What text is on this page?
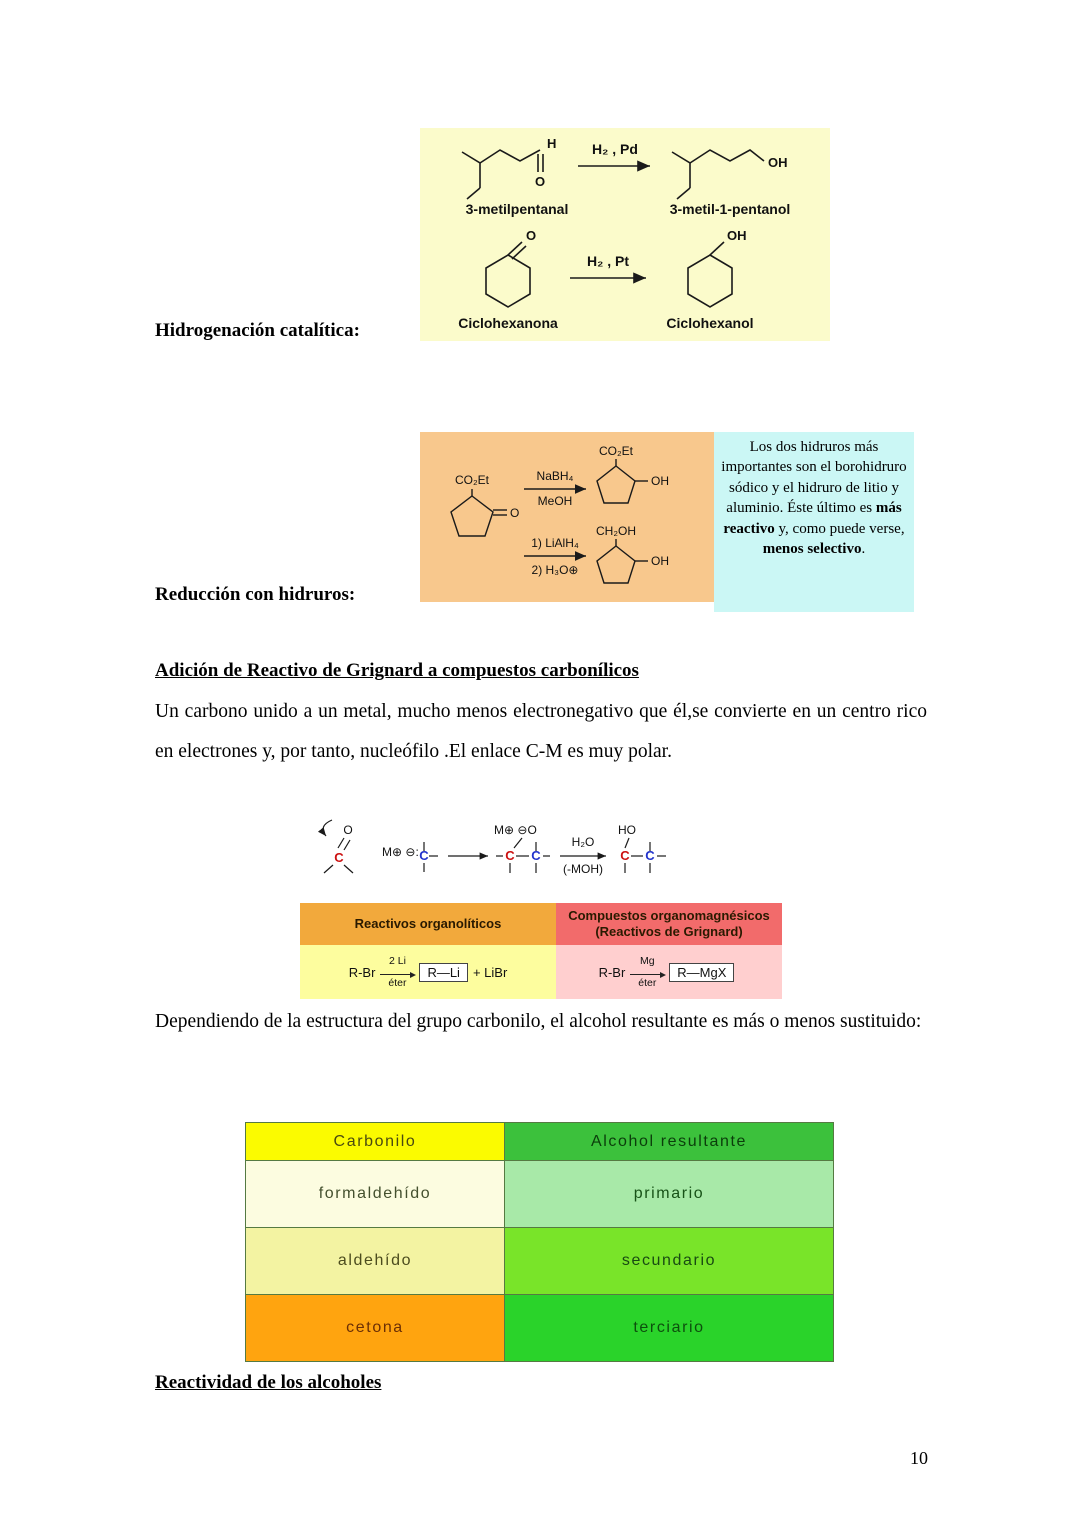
H
O
H₂ , Pd
OH
3-metilpentanal	3-metil-1-pentanol
O
H₂ , Pt
OH
Ciclohexanona	Ciclohexanol
Hidrogenación catalítica:
O
CO₂Et	NaBH₄
MeOH
1) LiAlH₄
2) H₃O⊕
CO₂Et
OH
CH₂OH
OH
Los dos hidruros más importantes son el borohidruro sódico y el hidruro de litio y aluminio. Éste último es más reactivo y, como puede verse, menos selectivo.
Reducción con hidruros:
Adición de Reactivo de Grignard a compuestos carbonílicos
Un carbono unido a un metal, mucho menos electronegativo que él,se convierte en un centro rico en electrones y, por tanto, nucleófilo .El enlace C-M es muy polar.
O
C	M⊕ ⊖: C
M⊕ ⊖O
C C
H₂O
(-MOH)
HO
C C
Reactivos organolíticos
R-Br
2 Li
éter
R—Li	+ LiBr
Compuestos organomagnésicos
(Reactivos de Grignard)
R-Br
Mg
éter
R—MgX
Dependiendo de la estructura del grupo carbonilo, el alcohol resultante es más o menos sustituido:
Carbonilo	Alcohol resultante
formaldehído	primario
aldehído	secundario
cetona	terciario
Reactividad de los alcoholes
10
